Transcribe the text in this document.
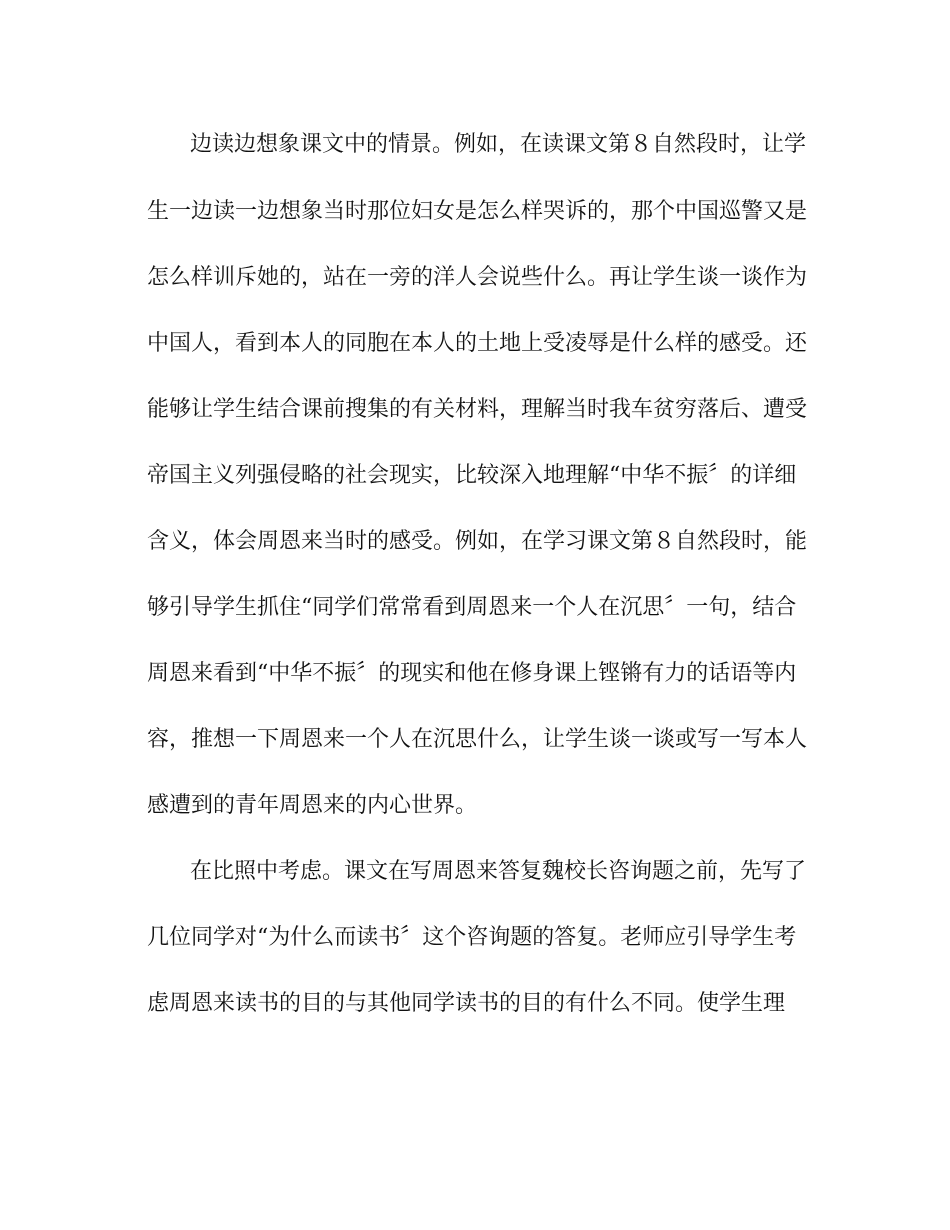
边读边想象课文中的情景。例如，在读课文第８自然段时，让学
生一边读一边想象当时那位妇女是怎么样哭诉的，那个中国巡警又是
怎么样训斥她的，站在一旁的洋人会说些什么。再让学生谈一谈作为
中国人，看到本人的同胞在本人的土地上受凌辱是什么样的感受。还
能够让学生结合课前搜集的有关材料，理解当时我车贫穷落后、遭受
帝国主义列强侵略的社会现实，比较深入地理解“中华不振〞的详细
含义，体会周恩来当时的感受。例如，在学习课文第８自然段时，能
够引导学生抓住“同学们常常看到周恩来一个人在沉思〞一句，结合
周恩来看到“中华不振〞的现实和他在修身课上铿锵有力的话语等内
容，推想一下周恩来一个人在沉思什么，让学生谈一谈或写一写本人
感遭到的青年周恩来的内心世界。
在比照中考虑。课文在写周恩来答复魏校长咨询题之前，先写了
几位同学对“为什么而读书〞这个咨询题的答复。老师应引导学生考
虑周恩来读书的目的与其他同学读书的目的有什么不同。使学生理
